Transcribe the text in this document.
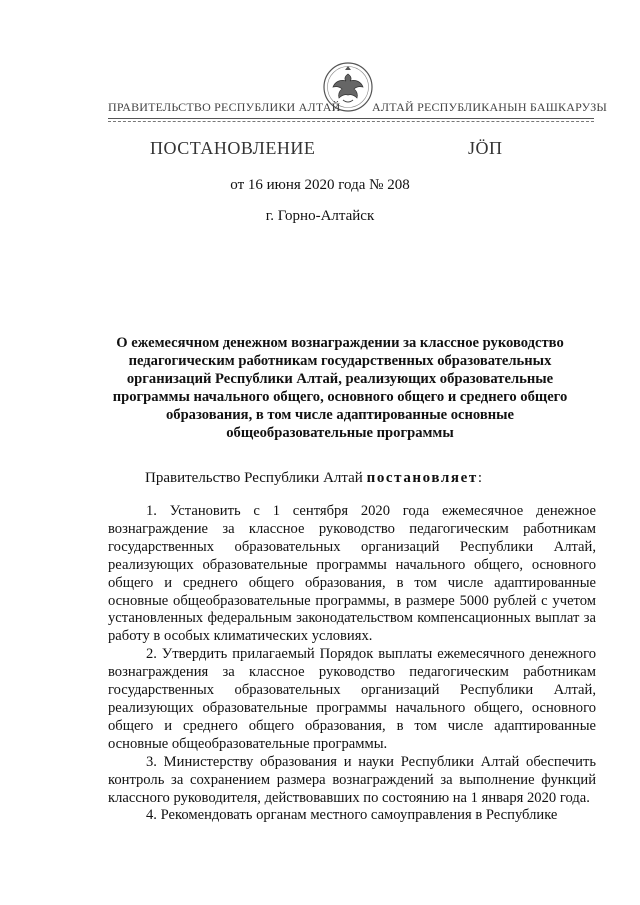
ПРАВИТЕЛЬСТВО РЕСПУБЛИКИ АЛТАЙ	АЛТАЙ РЕСПУБЛИКАНЫН БАШКАРУЗЫ
ПОСТАНОВЛЕНИЕ	ЈӦП
от 16 июня 2020 года № 208
г. Горно-Алтайск
О ежемесячном денежном вознаграждении за классное руководство педагогическим работникам государственных образовательных организаций Республики Алтай, реализующих образовательные программы начального общего, основного общего и среднего общего образования, в том числе адаптированные основные общеобразовательные программы
Правительство Республики Алтай постановляет:

1. Установить с 1 сентября 2020 года ежемесячное денежное вознаграждение за классное руководство педагогическим работникам государственных образовательных организаций Республики Алтай, реализующих образовательные программы начального общего, основного общего и среднего общего образования, в том числе адаптированные основные общеобразовательные программы, в размере 5000 рублей с учетом установленных федеральным законодательством компенсационных выплат за работу в особых климатических условиях.

2. Утвердить прилагаемый Порядок выплаты ежемесячного денежного вознаграждения за классное руководство педагогическим работникам государственных образовательных организаций Республики Алтай, реализующих образовательные программы начального общего, основного общего и среднего общего образования, в том числе адаптированные основные общеобразовательные программы.

3. Министерству образования и науки Республики Алтай обеспечить контроль за сохранением размера вознаграждений за выполнение функций классного руководителя, действовавших по состоянию на 1 января 2020 года.

4. Рекомендовать органам местного самоуправления в Республике
